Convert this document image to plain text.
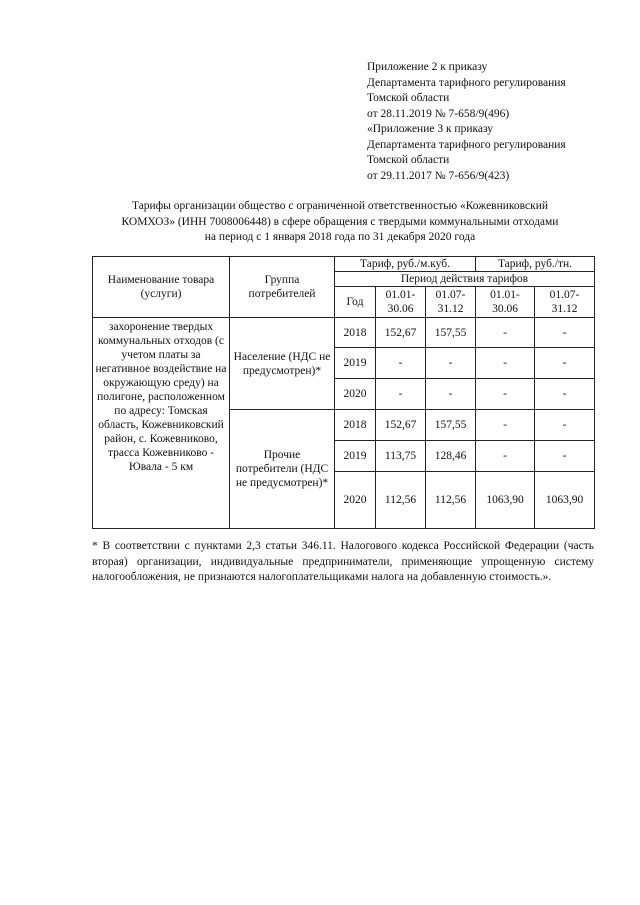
Приложение 2 к приказу
Департамента тарифного регулирования
Томской области
от 28.11.2019 № 7-658/9(496)
«Приложение 3 к приказу
Департамента тарифного регулирования
Томской области
от 29.11.2017 № 7-656/9(423)
Тарифы организации общество с ограниченной ответственностью «Кожевниковский
КОМХОЗ» (ИНН 7008006448) в сфере обращения с твердыми коммунальными отходами
на период с 1 января 2018 года по 31 декабря 2020 года
Наименование товара (услуги)	Группа потребителей	Тариф, руб./м.куб.			Тариф, руб./тн.	
		Период действия тарифов				
		Год	01.01-30.06	01.07-31.12	01.01-30.06	01.07-31.12
захоронение твердых коммунальных отходов (с учетом платы за негативное воздействие на окружающую среду) на полигоне, расположенном по адресу: Томская область, Кожевниковский район, с. Кожевниково, трасса Кожевниково - Ювала - 5 км	Население (НДС не предусмотрен)*	2018	152,67	157,55	-	-
		2019	-	-	-	-
		2020	-	-	-	-
	Прочие потребители (НДС не предусмотрен)*	2018	152,67	157,55	-	-
		2019	113,75	128,46	-	-
		2020	112,56	112,56	1063,90	1063,90
* В соответствии с пунктами 2,3 статьи 346.11. Налогового кодекса Российской Федерации (часть вторая) организации, индивидуальные предприниматели, применяющие упрощенную систему налогообложения, не признаются налогоплательщиками налога на добавленную стоимость.».
